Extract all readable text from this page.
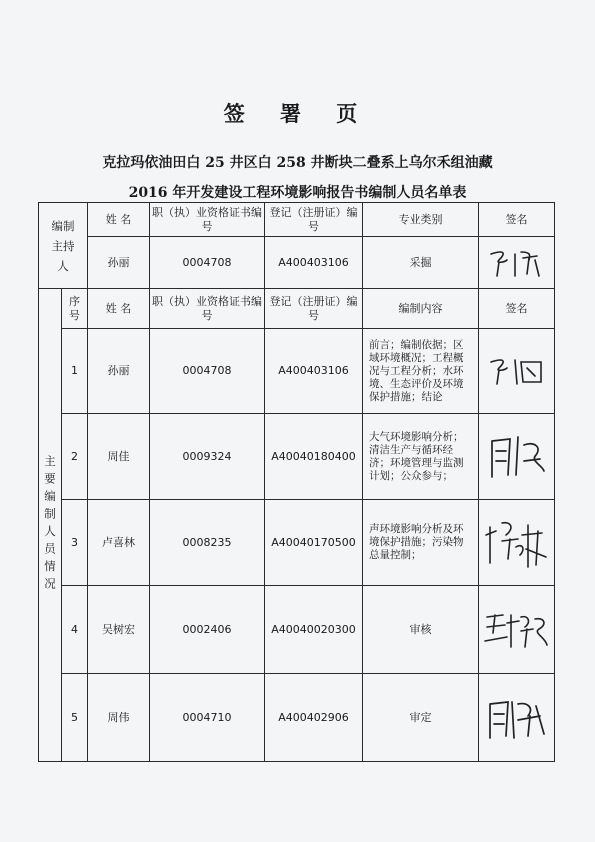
签 署 页
克拉玛依油田白 25 井区白 258 井断块二叠系上乌尔禾组油藏
2016 年开发建设工程环境影响报告书编制人员名单表
编制主持人		姓 名	职（执）业资格证书编号	登记（注册证）编号	专业类别	签名
		孙丽	0004708	A400403106	采掘	

主要编制人员情况	序号	姓 名	职（执）业资格证书编号	登记（注册证）编号	编制内容	签名
	1	孙丽	0004708	A400403106	前言；编制依据；区域环境概况；工程概况与工程分析；水环境、生态评价及环境保护措施；结论	

	2	周佳	0009324	A40040180400	大气环境影响分析；清洁生产与循环经济；环境管理与监测计划；公众参与；	

	3	卢喜林	0008235	A40040170500	声环境影响分析及环境保护措施；污染物总量控制；	

	4	吴树宏	0002406	A40040020300	审核	

	5	周伟	0004710	A400402906	审定	
